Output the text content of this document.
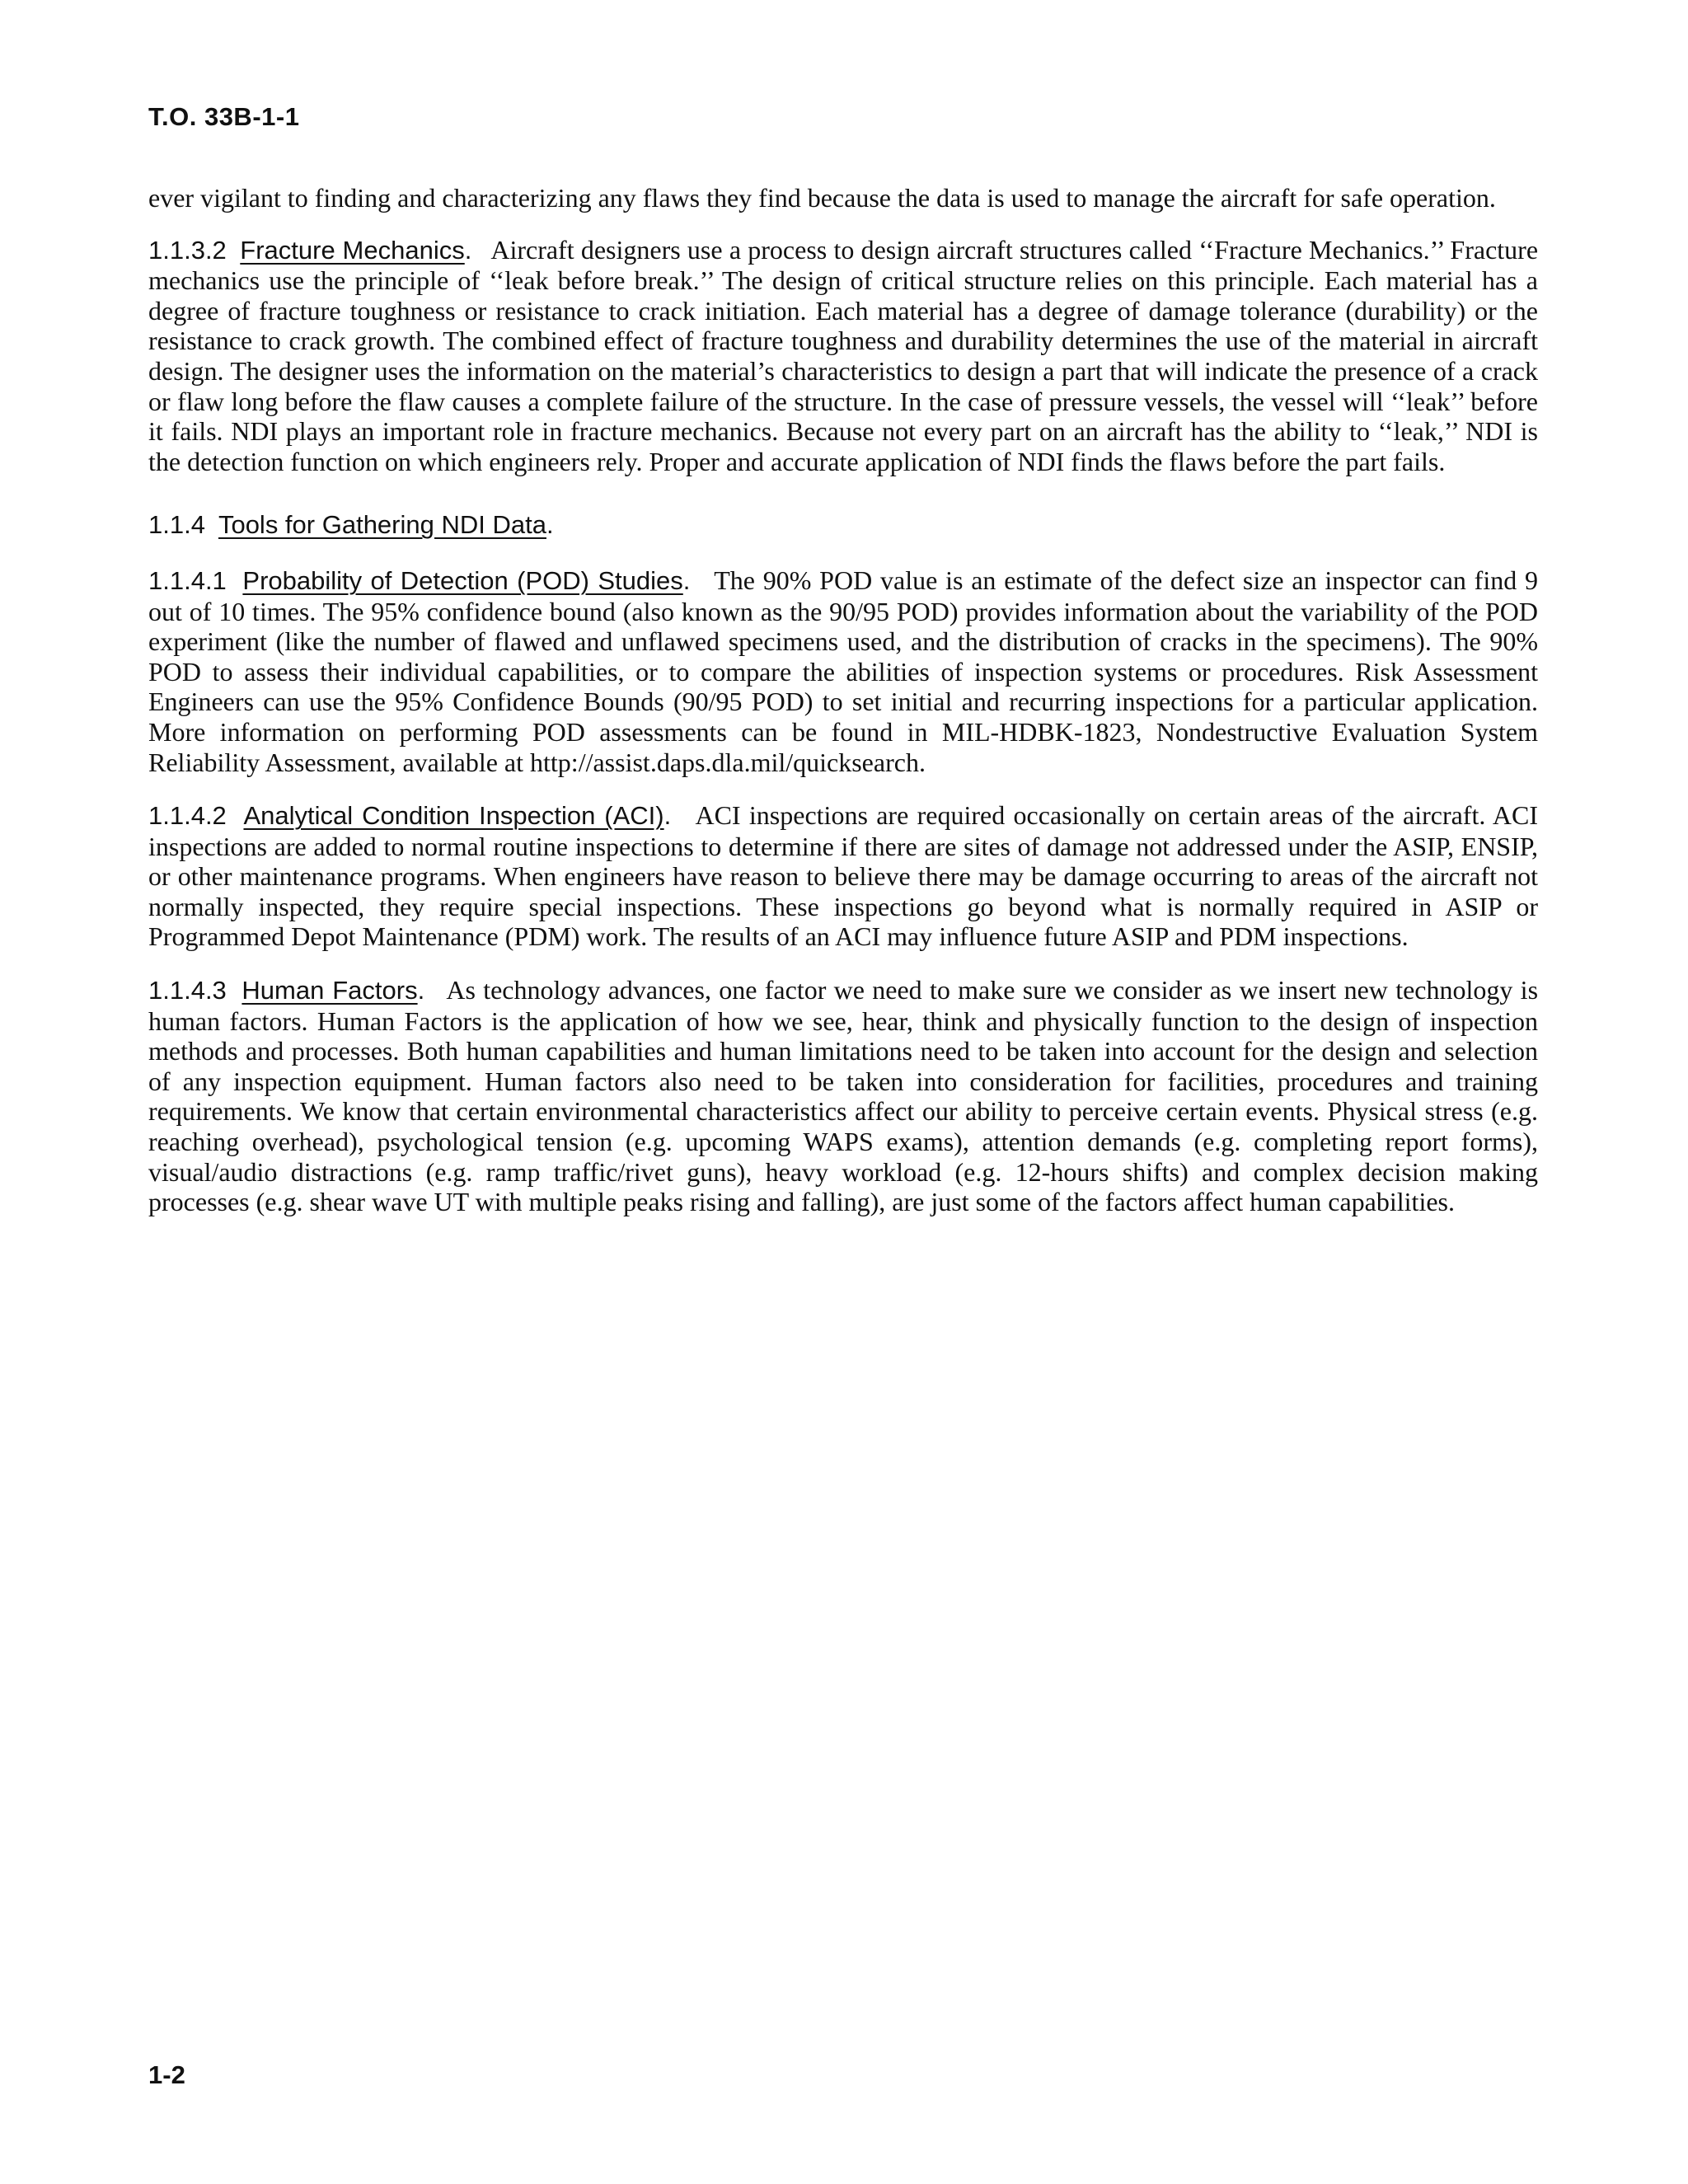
T.O. 33B-1-1

ever vigilant to finding and characterizing any flaws they find because the data is used to manage the aircraft for safe operation.

1.1.3.2 Fracture Mechanics. Aircraft designers use a process to design aircraft structures called ‘‘Fracture Mechanics.’’ Fracture mechanics use the principle of ‘‘leak before break.’’ The design of critical structure relies on this principle. Each material has a degree of fracture toughness or resistance to crack initiation. Each material has a degree of damage tolerance (durability) or the resistance to crack growth. The combined effect of fracture toughness and durability determines the use of the material in aircraft design. The designer uses the information on the material’s characteristics to design a part that will indicate the presence of a crack or flaw long before the flaw causes a complete failure of the structure. In the case of pressure vessels, the vessel will ‘‘leak’’ before it fails. NDI plays an important role in fracture mechanics. Because not every part on an aircraft has the ability to ‘‘leak,’’ NDI is the detection function on which engineers rely. Proper and accurate application of NDI finds the flaws before the part fails.

1.1.4 Tools for Gathering NDI Data.

1.1.4.1 Probability of Detection (POD) Studies. The 90% POD value is an estimate of the defect size an inspector can find 9 out of 10 times. The 95% confidence bound (also known as the 90/95 POD) provides information about the variability of the POD experiment (like the number of flawed and unflawed specimens used, and the distribution of cracks in the specimens). The 90% POD to assess their individual capabilities, or to compare the abilities of inspection systems or procedures. Risk Assessment Engineers can use the 95% Confidence Bounds (90/95 POD) to set initial and recurring inspections for a particular application. More information on performing POD assessments can be found in MIL-HDBK-1823, Nondestructive Evaluation System Reliability Assessment, available at http://assist.daps.dla.mil/quicksearch.

1.1.4.2 Analytical Condition Inspection (ACI). ACI inspections are required occasionally on certain areas of the aircraft. ACI inspections are added to normal routine inspections to determine if there are sites of damage not addressed under the ASIP, ENSIP, or other maintenance programs. When engineers have reason to believe there may be damage occurring to areas of the aircraft not normally inspected, they require special inspections. These inspections go beyond what is normally required in ASIP or Programmed Depot Maintenance (PDM) work. The results of an ACI may influence future ASIP and PDM inspections.

1.1.4.3 Human Factors. As technology advances, one factor we need to make sure we consider as we insert new technology is human factors. Human Factors is the application of how we see, hear, think and physically function to the design of inspection methods and processes. Both human capabilities and human limitations need to be taken into account for the design and selection of any inspection equipment. Human factors also need to be taken into consideration for facilities, procedures and training requirements. We know that certain environmental characteristics affect our ability to perceive certain events. Physical stress (e.g. reaching overhead), psychological tension (e.g. upcoming WAPS exams), attention demands (e.g. completing report forms), visual/audio distractions (e.g. ramp traffic/rivet guns), heavy workload (e.g. 12-hours shifts) and complex decision making processes (e.g. shear wave UT with multiple peaks rising and falling), are just some of the factors affect human capabilities.

1-2
